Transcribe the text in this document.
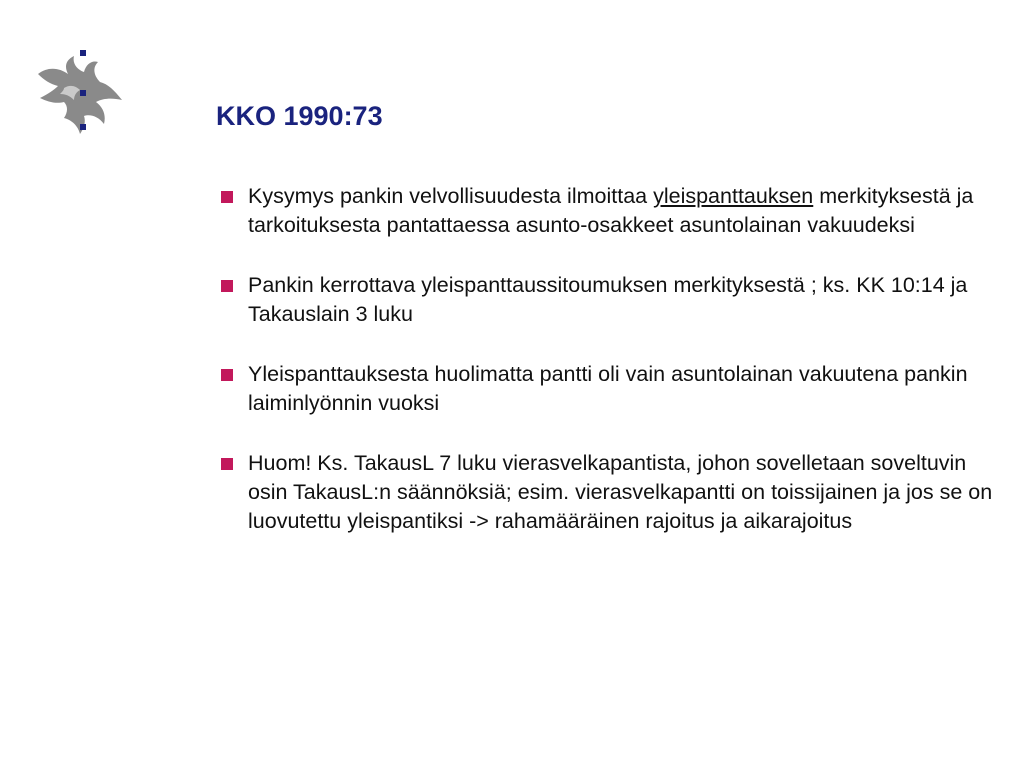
KKO 1990:73
Kysymys pankin velvollisuudesta ilmoittaa yleispanttauksen merkityksestä ja tarkoituksesta pantattaessa asunto-osakkeet asuntolainan vakuudeksi
Pankin kerrottava yleispanttaussitoumuksen merkityksestä ; ks. KK 10:14 ja Takauslain 3 luku
Yleispanttauksesta huolimatta pantti oli vain asuntolainan vakuutena pankin laiminlyönnin vuoksi
Huom! Ks. TakausL 7 luku vierasvelkapantista, johon sovelletaan soveltuvin osin TakausL:n säännöksiä; esim. vierasvelkapantti on toissijainen ja jos se on luovutettu yleispantiksi -> rahamääräinen rajoitus ja aikarajoitus
